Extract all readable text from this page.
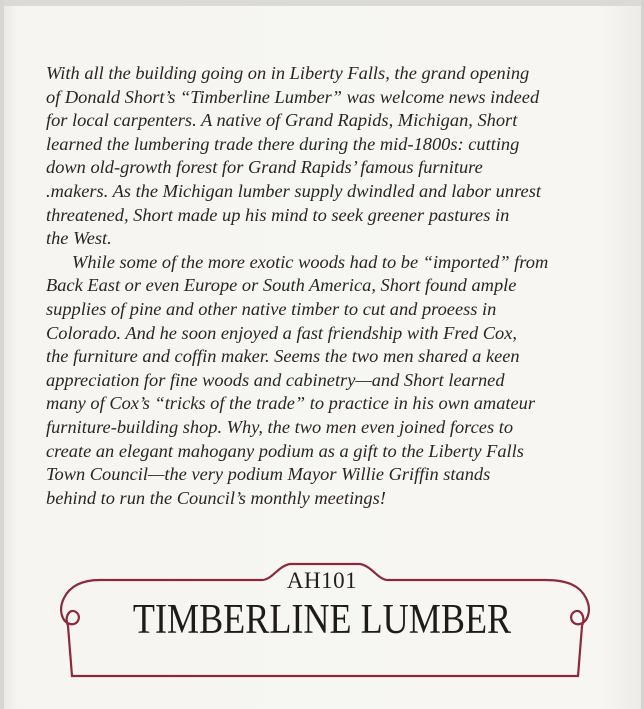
With all the building going on in Liberty Falls, the grand opening
of Donald Short’s “Timberline Lumber” was welcome news indeed
for local carpenters. A native of Grand Rapids, Michigan, Short
learned the lumbering trade there during the mid-1800s: cutting
down old-growth forest for Grand Rapids’ famous furniture
.makers. As the Michigan lumber supply dwindled and labor unrest
threatened, Short made up his mind to seek greener pastures in
the West.

While some of the more exotic woods had to be “imported” from
Back East or even Europe or South America, Short found ample
supplies of pine and other native timber to cut and proeess in
Colorado. And he soon enjoyed a fast friendship with Fred Cox,
the furniture and coffin maker. Seems the two men shared a keen
appreciation for fine woods and cabinetry—and Short learned
many of Cox’s “tricks of the trade” to practice in his own amateur
furniture-building shop. Why, the two men even joined forces to
create an elegant mahogany podium as a gift to the Liberty Falls
Town Council—the very podium Mayor Willie Griffin stands
behind to run the Council’s monthly meetings!

AH101
TIMBERLINE LUMBER
